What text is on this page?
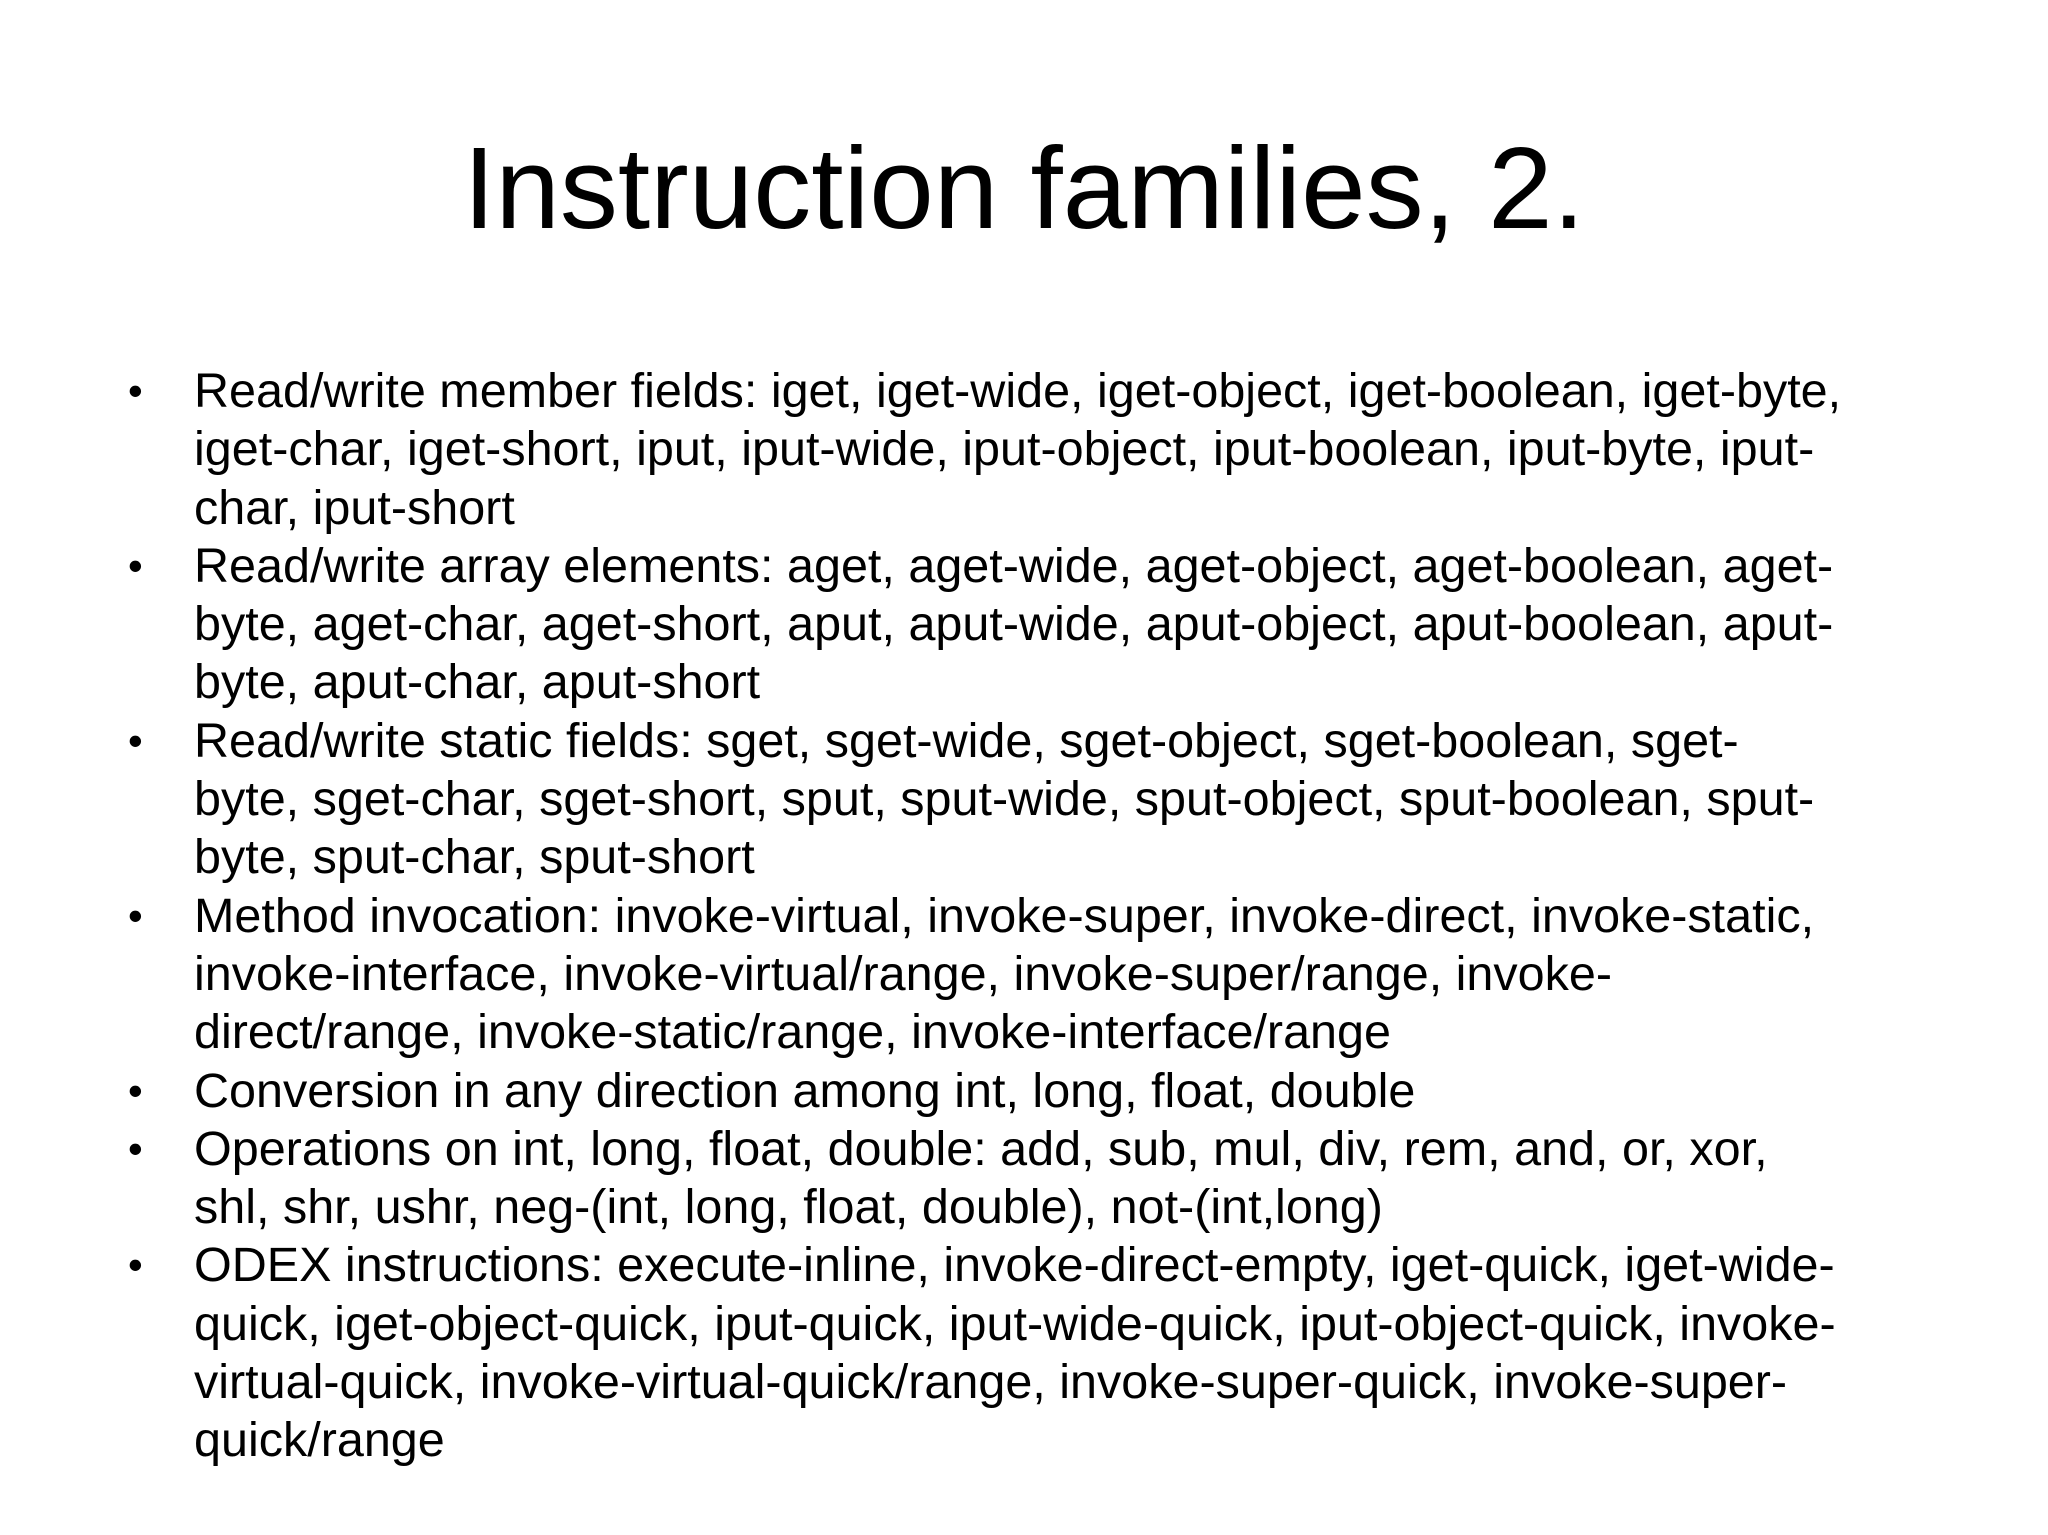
Instruction families, 2.
•	Read/write member fields: iget, iget-wide, iget-object, iget-boolean, iget-byte,
iget-char, iget-short, iput, iput-wide, iput-object, iput-boolean, iput-byte, iput-
char, iput-short
•	Read/write array elements: aget, aget-wide, aget-object, aget-boolean, aget-
byte, aget-char, aget-short, aput, aput-wide, aput-object, aput-boolean, aput-
byte, aput-char, aput-short
•	Read/write static fields: sget, sget-wide, sget-object, sget-boolean, sget-
byte, sget-char, sget-short, sput, sput-wide, sput-object, sput-boolean, sput-
byte, sput-char, sput-short
•	Method invocation: invoke-virtual, invoke-super, invoke-direct, invoke-static,
invoke-interface, invoke-virtual/range, invoke-super/range, invoke-
direct/range, invoke-static/range, invoke-interface/range
•	Conversion in any direction among int, long, float, double
•	Operations on int, long, float, double: add, sub, mul, div, rem, and, or, xor,
shl, shr, ushr, neg-(int, long, float, double), not-(int,long)
•	ODEX instructions: execute-inline, invoke-direct-empty, iget-quick, iget-wide-
quick, iget-object-quick, iput-quick, iput-wide-quick, iput-object-quick, invoke-
virtual-quick, invoke-virtual-quick/range, invoke-super-quick, invoke-super-
quick/range
